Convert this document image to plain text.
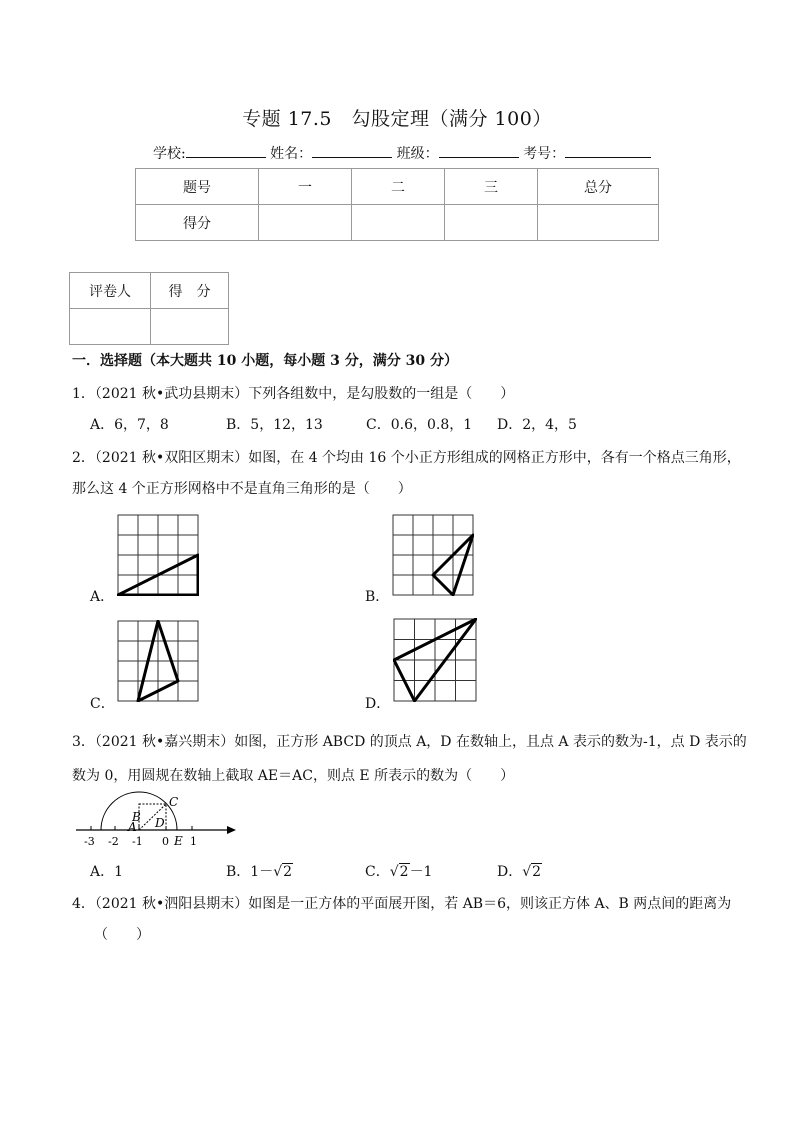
专题 17.5　勾股定理（满分 100）
学校:	姓名：	班级：	考号：
题号	一	二	三	总分
得分				
评卷人	得　分

一．选择题（本大题共 10 小题，每小题 3 分，满分 30 分）
1．（2021 秋•武功县期末）下列各组数中，是勾股数的一组是（　　）
A．6，7，8	B．5，12，13	C．0.6，0.8，1 D．2，4，5
2．（2021 秋•双阳区期末）如图，在 4 个均由 16 个小正方形组成的网格正方形中，各有一个格点三角形，
那么这 4 个正方形网格中不是直角三角形的是（　　）
A．	B．
C．	D．
3．（2021 秋•嘉兴期末）如图，正方形 ABCD 的顶点 A，D 在数轴上，且点 A 表示的数为-1，点 D 表示的
数为 0，用圆规在数轴上截取 AE＝AC，则点 E 所表示的数为（　　）
B
A
C
D
E
-3 -2 -1 0 1
A．1	B．1－√2	C．√2－1	D．√2
4．（2021 秋•泗阳县期末）如图是一正方体的平面展开图，若 AB＝6，则该正方体 A、B 两点间的距离为
（　　）
